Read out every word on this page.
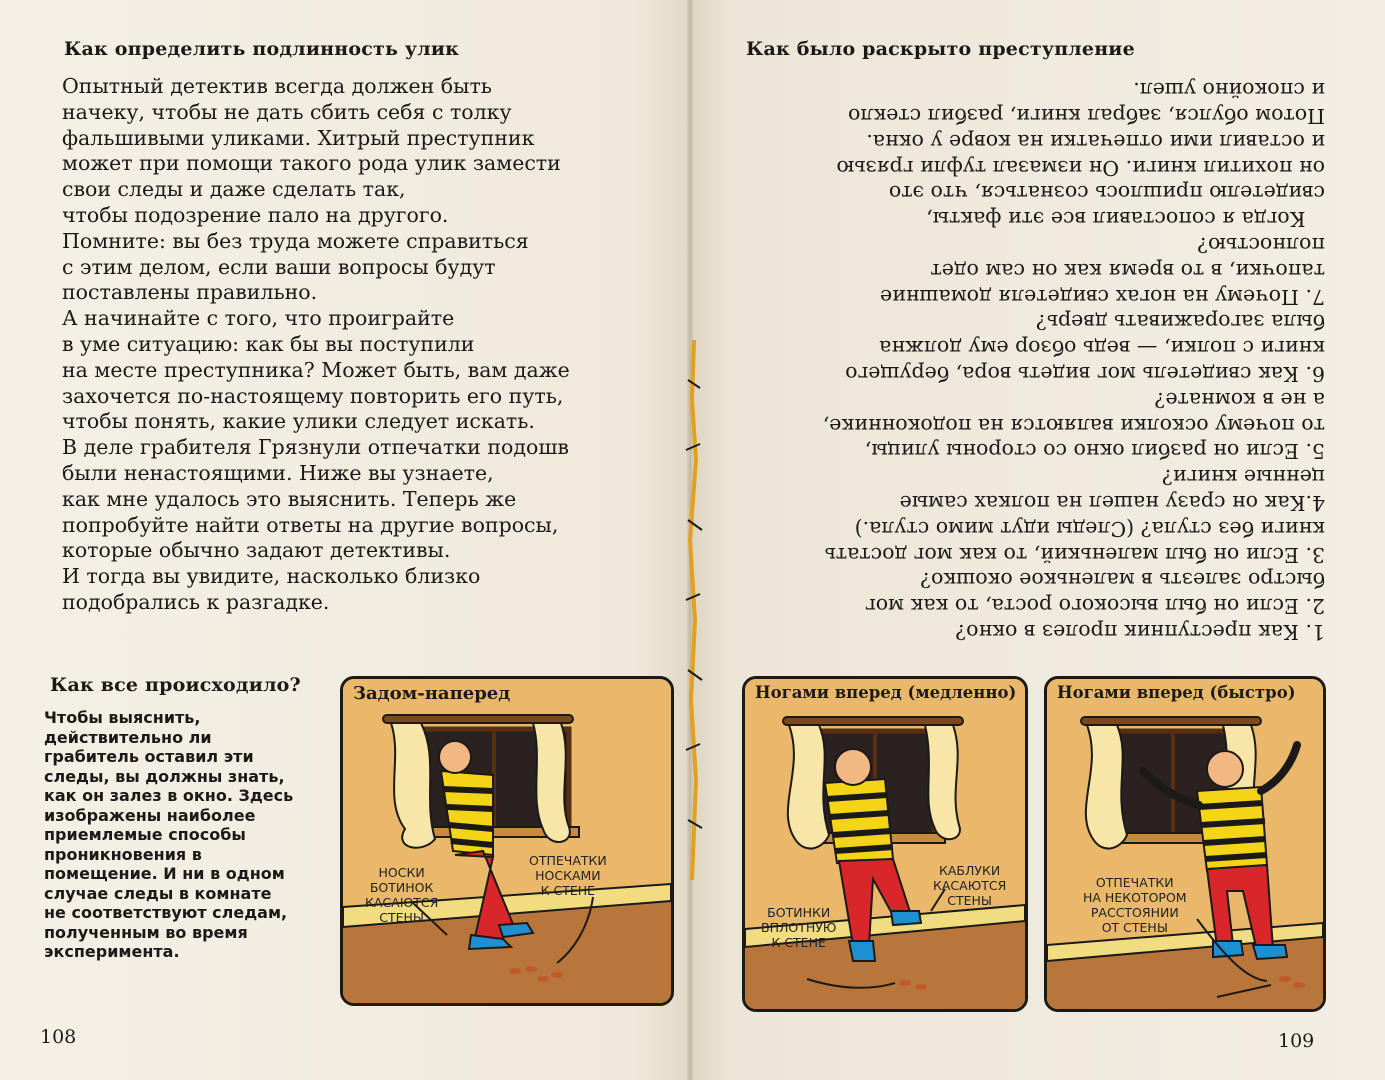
Как определить подлинность улик
Опытный детектив всегда должен быть
начеку, чтобы не дать сбить себя с толку
фальшивыми уликами. Хитрый преступник
может при помощи такого рода улик замести
свои следы и даже сделать так,
чтобы подозрение пало на другого.
Помните: вы без труда можете справиться
с этим делом, если ваши вопросы будут
поставлены правильно.
А начинайте с того, что проиграйте
в уме ситуацию: как бы вы поступили
на месте преступника? Может быть, вам даже
захочется по-настоящему повторить его путь,
чтобы понять, какие улики следует искать.
В деле грабителя Грязнули отпечатки подошв
были ненастоящими. Ниже вы узнаете,
как мне удалось это выяснить. Теперь же
попробуйте найти ответы на другие вопросы,
которые обычно задают детективы.
И тогда вы увидите, насколько близко
подобрались к разгадке.
Как все происходило?
Чтобы выяснить,
действительно ли
грабитель оставил эти
следы, вы должны знать,
как он залез в окно. Здесь
изображены наиболее
приемлемые способы
проникновения в
помещение. И ни в одном
случае следы в комнате
не соответствуют следам,
полученным во время
эксперимента.
Задом-наперед
НОСКИ
БОТИНОК
КАСАЮТСЯ
СТЕНЫ
ОТПЕЧАТКИ
НОСКАМИ
К СТЕНЕ
108
Как было раскрыто преступление
1. Как преступник пролез в окно?
2. Если он был высокого роста, то как мог
быстро залезть в маленькое окошко?
3. Если он был маленький, то как мог достать
книги без стула? (Следы идут мимо стула.)
4.Как он сразу нашел на полках самые
ценные книги?
5. Если он разбил окно со стороны улицы,
то почему осколки валяются на подоконнике,
а не в комнате?
6. Как свидетель мог видеть вора, берущего
книги с полки, — ведь обзор ему должна
была загораживать дверь?
7. Почему на ногах свидетеля домашние
тапочки, в то время как он сам одет
полностью?
Когда я сопоставил все эти факты,
свидетелю пришлось сознаться, что это
он похитил книги. Он измазал туфли грязью
и оставил ими отпечатки на ковре у окна.
Потом обулся, забрал книги, разбил стекло
и спокойно ушел.
Ногами вперед (медленно)
КАБЛУКИ
КАСАЮТСЯ
СТЕНЫ
БОТИНКИ
ВПЛОТНУЮ
К СТЕНЕ
Ногами вперед (быстро)
ОТПЕЧАТКИ
НА НЕКОТОРОМ
РАССТОЯНИИ
ОТ СТЕНЫ
109
